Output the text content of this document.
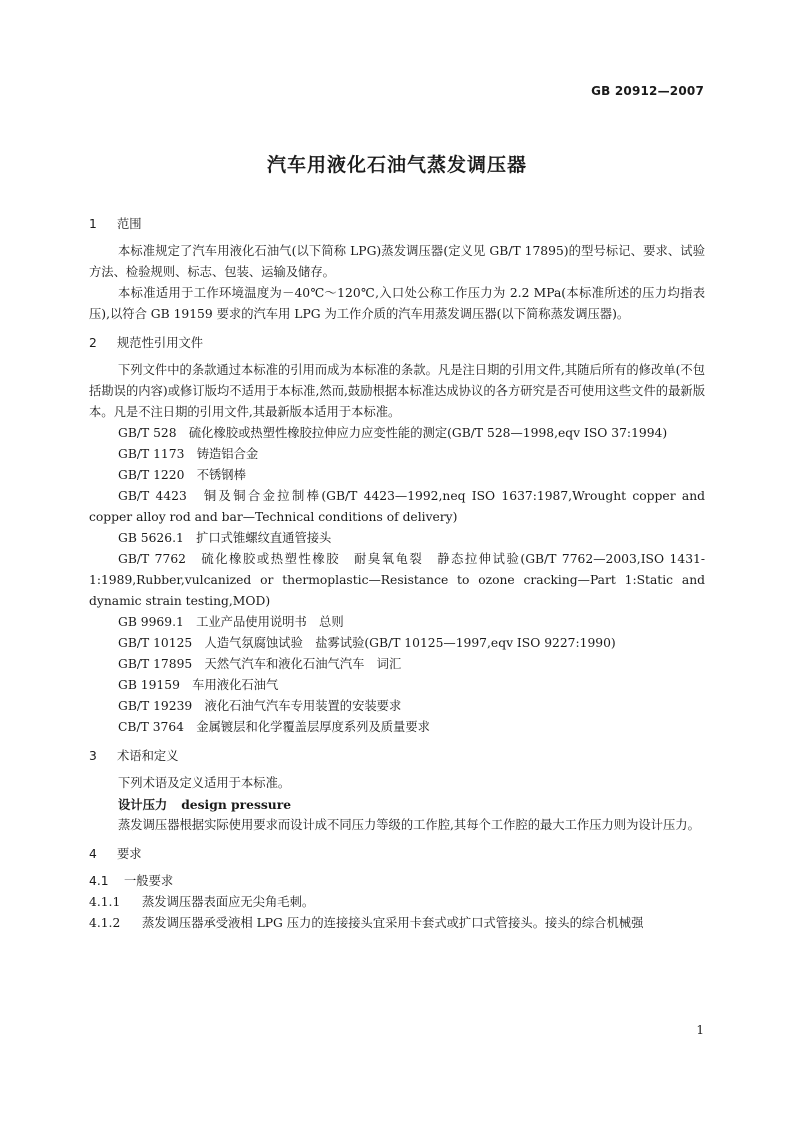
GB 20912—2007
汽车用液化石油气蒸发调压器
1 范围

本标准规定了汽车用液化石油气(以下简称 LPG)蒸发调压器(定义见 GB/T 17895)的型号标记、要求、试验方法、检验规则、标志、包装、运输及储存。

本标准适用于工作环境温度为－40℃～120℃,入口处公称工作压力为 2.2 MPa(本标准所述的压力均指表压),以符合 GB 19159 要求的汽车用 LPG 为工作介质的汽车用蒸发调压器(以下简称蒸发调压器)。

2 规范性引用文件

下列文件中的条款通过本标准的引用而成为本标准的条款。凡是注日期的引用文件,其随后所有的修改单(不包括勘误的内容)或修订版均不适用于本标准,然而,鼓励根据本标准达成协议的各方研究是否可使用这些文件的最新版本。凡是不注日期的引用文件,其最新版本适用于本标准。

GB/T 528　硫化橡胶或热塑性橡胶拉伸应力应变性能的测定(GB/T 528—1998,eqv ISO 37:1994)

GB/T 1173　铸造铝合金

GB/T 1220　不锈钢棒

GB/T 4423　铜及铜合金拉制棒(GB/T 4423—1992,neq ISO 1637:1987,Wrought copper and copper alloy rod and bar—Technical conditions of delivery)

GB 5626.1　扩口式锥螺纹直通管接头

GB/T 7762　硫化橡胶或热塑性橡胶　耐臭氧龟裂　静态拉伸试验(GB/T 7762—2003,ISO 1431-1:1989,Rubber,vulcanized or thermoplastic—Resistance to ozone cracking—Part 1:Static and dynamic strain testing,MOD)

GB 9969.1　工业产品使用说明书　总则

GB/T 10125　人造气氛腐蚀试验　盐雾试验(GB/T 10125—1997,eqv ISO 9227:1990)

GB/T 17895　天然气汽车和液化石油气汽车　词汇

GB 19159　车用液化石油气

GB/T 19239　液化石油气汽车专用装置的安装要求

CB/T 3764　金属镀层和化学覆盖层厚度系列及质量要求

3 术语和定义

下列术语及定义适用于本标准。

设计压力 design pressure

蒸发调压器根据实际使用要求而设计成不同压力等级的工作腔,其每个工作腔的最大工作压力则为设计压力。

4 要求
4.1 一般要求
4.1.1 蒸发调压器表面应无尖角毛刺。
4.1.2 蒸发调压器承受液相 LPG 压力的连接接头宜采用卡套式或扩口式管接头。接头的综合机械强
1
